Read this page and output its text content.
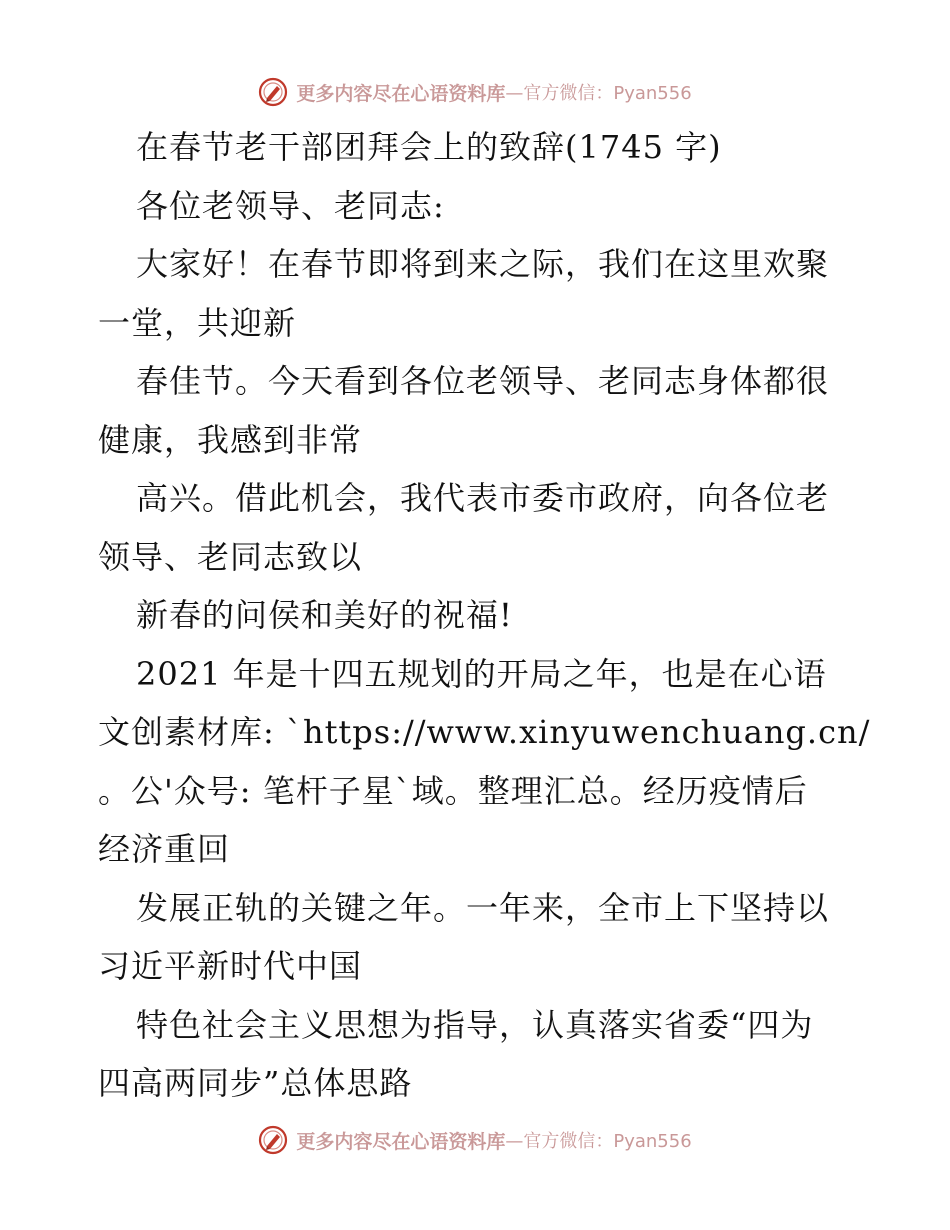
更多内容尽在心语资料库 —官方微信：Pyan556
在春节老干部团拜会上的致辞(1745 字)
各位老领导、老同志:
大家好！在春节即将到来之际，我们在这里欢聚
一堂，共迎新
春佳节。今天看到各位老领导、老同志身体都很
健康，我感到非常
高兴。借此机会，我代表市委市政府，向各位老
领导、老同志致以
新春的问侯和美好的祝福!
2021 年是十四五规划的开局之年，也是在心语
文创素材库: `https://www.xinyuwenchuang.cn/
。公'众号: 笔杆子星`域。整理汇总。经历疫情后
经济重回
发展正轨的关键之年。一年来，全市上下坚持以
习近平新时代中国
特色社会主义思想为指导，认真落实省委“四为
四高两同步”总体思路
更多内容尽在心语资料库 —官方微信：Pyan556
